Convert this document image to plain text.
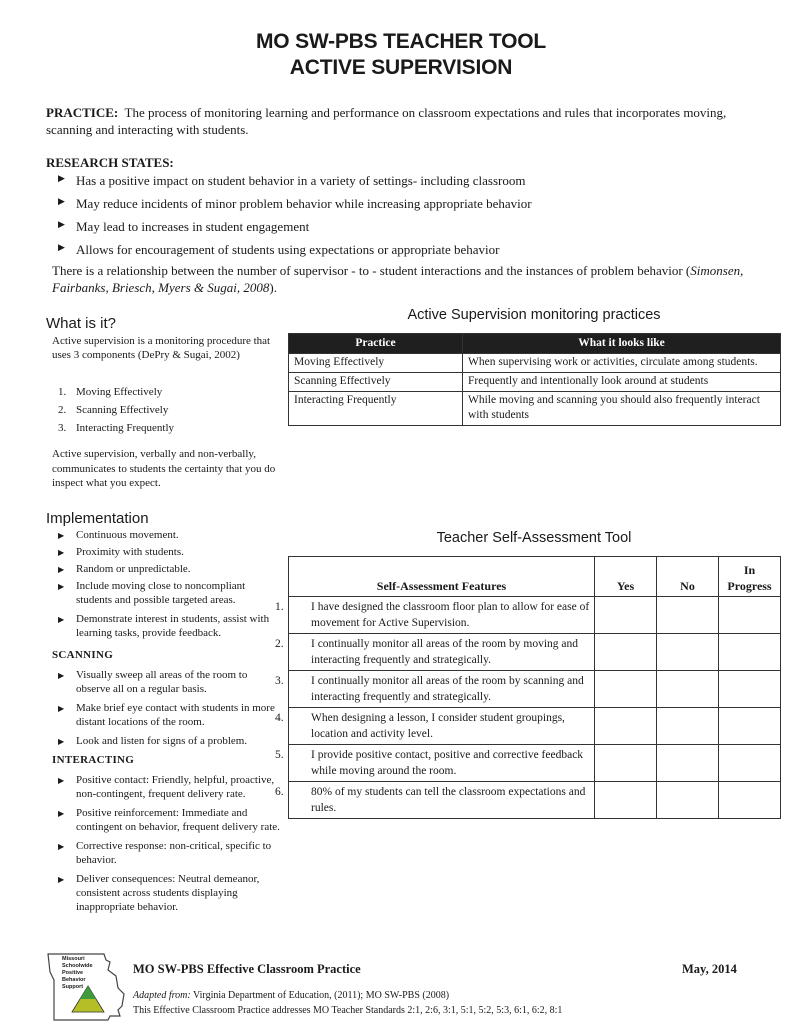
MO SW-PBS TEACHER TOOL
ACTIVE SUPERVISION
PRACTICE: The process of monitoring learning and performance on classroom expectations and rules that incorporates moving, scanning and interacting with students.
RESEARCH STATES:
▶ Has a positive impact on student behavior in a variety of settings- including classroom
▶ May reduce incidents of minor problem behavior while increasing appropriate behavior
▶ May lead to increases in student engagement
▶ Allows for encouragement of students using expectations or appropriate behavior
There is a relationship between the number of supervisor - to - student interactions and the instances of problem behavior (Simonsen, Fairbanks, Briesch, Myers & Sugai, 2008).
What is it?
Active supervision is a monitoring procedure that uses 3 components (DePry & Sugai, 2002)
1. Moving Effectively
2. Scanning Effectively
3. Interacting Frequently
Active supervision, verbally and non-verbally, communicates to students the certainty that you do inspect what you expect.
Implementation
▶ Continuous movement.
▶ Proximity with students.
▶ Random or unpredictable.
▶ Include moving close to noncompliant students and possible targeted areas.
▶ Demonstrate interest in students, assist with learning tasks, provide feedback.
SCANNING
▶ Visually sweep all areas of the room to observe all on a regular basis.
▶ Make brief eye contact with students in more distant locations of the room.
▶ Look and listen for signs of a problem.
INTERACTING
▶ Positive contact: Friendly, helpful, proactive, non-contingent, frequent delivery rate.
▶ Positive reinforcement: Immediate and contingent on behavior, frequent delivery rate.
▶ Corrective response: non-critical, specific to behavior.
▶ Deliver consequences: Neutral demeanor, consistent across students displaying inappropriate behavior.
Active Supervision monitoring practices
Practice	What it looks like
Moving Effectively	When supervising work or activities, circulate among students.
Scanning Effectively	Frequently and intentionally look around at students
Interacting Frequently	While moving and scanning you should also frequently interact with students
Teacher Self-Assessment Tool
Self-Assessment Features	Yes	No	In Progress

1. I have designed the classroom floor plan to allow for ease of movement for Active Supervision.			

2. I continually monitor all areas of the room by moving and interacting frequently and strategically.			

3. I continually monitor all areas of the room by scanning and interacting frequently and strategically.			

4. When designing a lesson, I consider student groupings, location and activity level.			

5. I provide positive contact, positive and corrective feedback while moving around the room.			

6. 80% of my students can tell the classroom expectations and rules.			

Missouri
Schoolwide
Positive
Behavior
Support
MO SW-PBS Effective Classroom Practice	May, 2014
Adapted from: Virginia Department of Education, (2011); MO SW-PBS (2008)
This Effective Classroom Practice addresses MO Teacher Standards 2:1, 2:6, 3:1, 5:1, 5:2, 5:3, 6:1, 6:2, 8:1
